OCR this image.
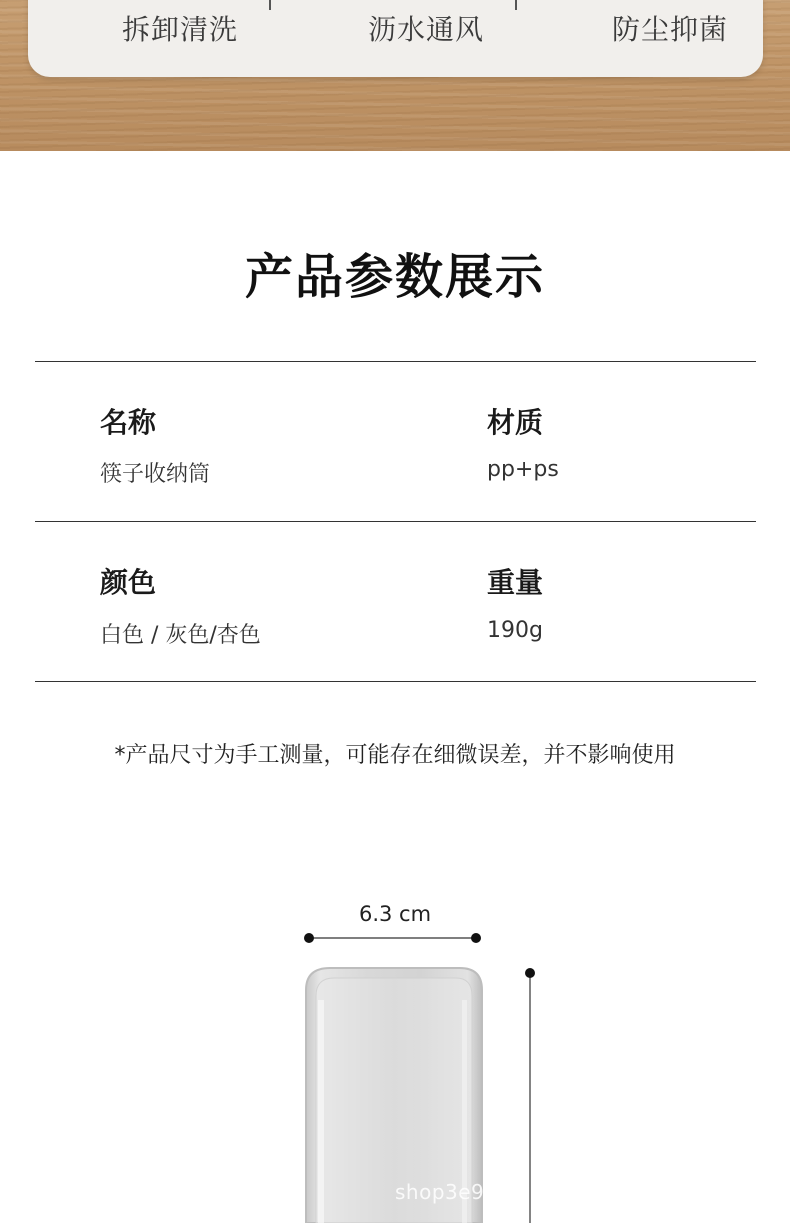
拆卸清洗	沥水通风	防尘抑菌
产品参数展示
名称
筷子收纳筒
材质
pp+ps
颜色
白色 / 灰色/杏色
重量
190g
*产品尺寸为手工测量，可能存在细微误差，并不影响使用
6.3 cm
shop3e9
